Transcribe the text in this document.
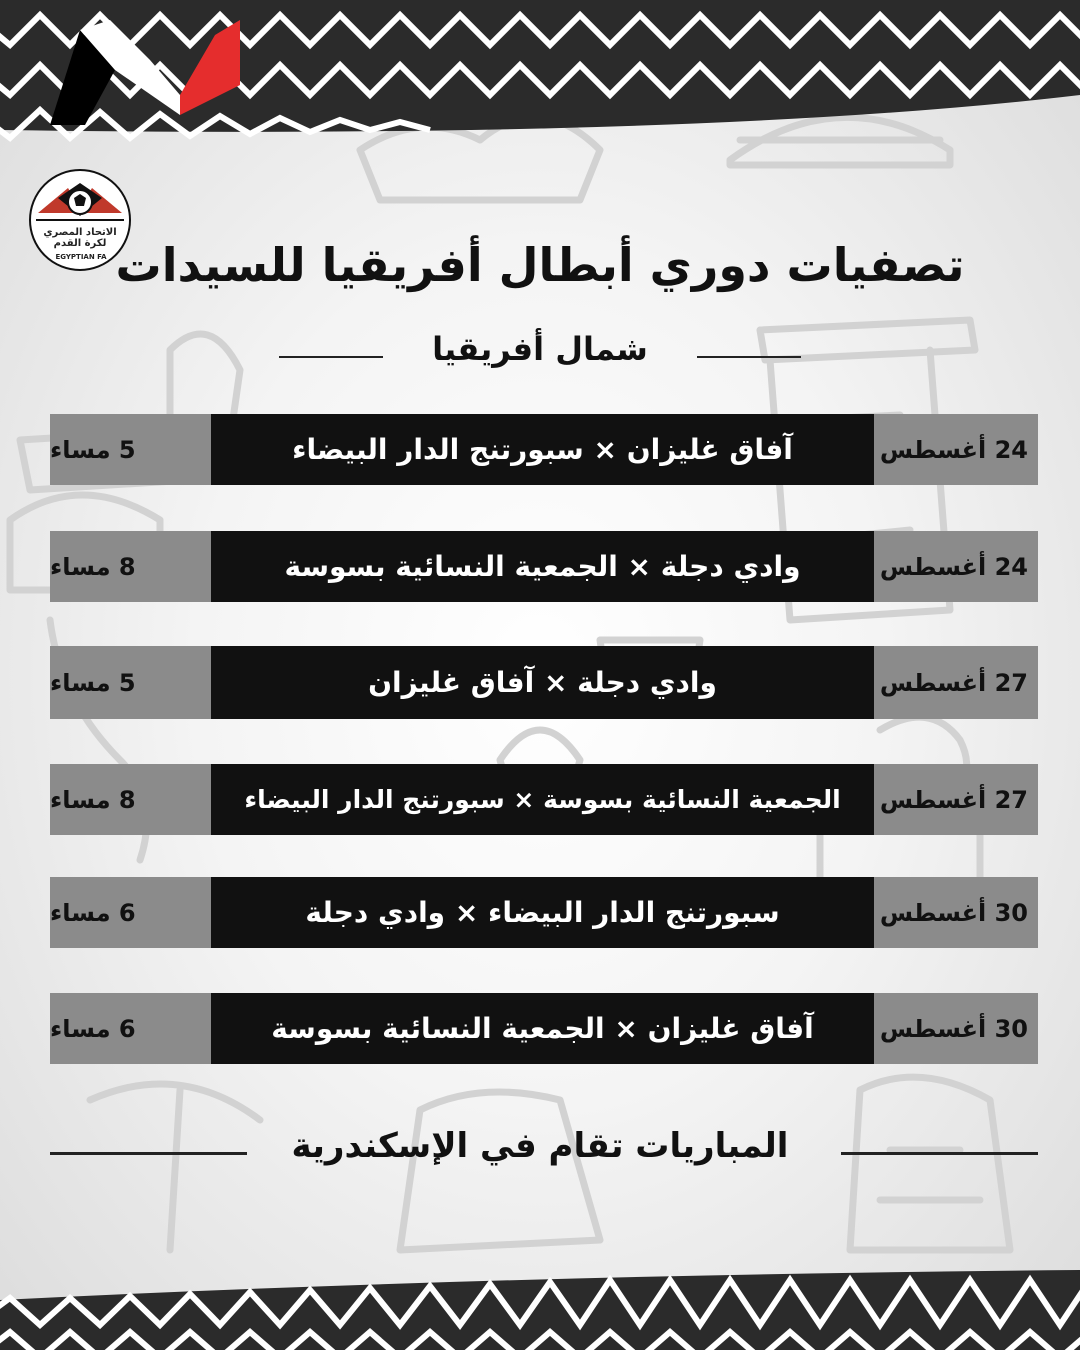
الاتحاد المصري لكرة القدم
EGYPTIAN FA تصفيات دوري أبطال أفريقيا للسيدات
شمال أفريقيا
5 مساء	آفاق غليزان × سبورتنج الدار البيضاء	24 أغسطس
8 مساء	وادي دجلة × الجمعية النسائية بسوسة	24 أغسطس
5 مساء	وادي دجلة × آفاق غليزان	27 أغسطس
8 مساء	الجمعية النسائية بسوسة × سبورتنج الدار البيضاء	27 أغسطس
6 مساء	سبورتنج الدار البيضاء × وادي دجلة	30 أغسطس
6 مساء	آفاق غليزان × الجمعية النسائية بسوسة	30 أغسطس
المباريات تقام في الإسكندرية
